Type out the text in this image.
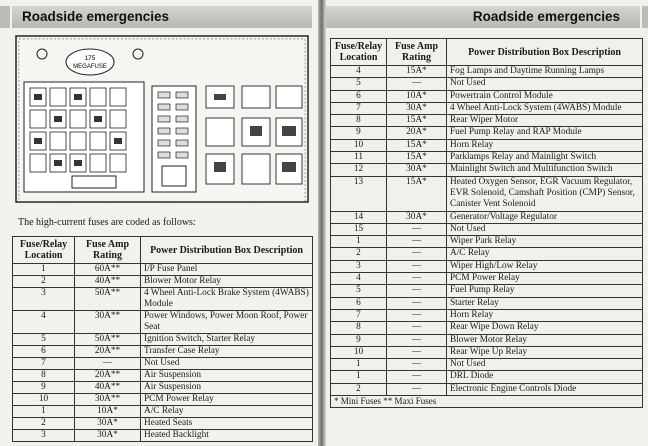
Roadside emergencies
175
MEGAFUSE
The high-current fuses are coded as follows:
Fuse/Relay Location	Fuse Amp Rating	Power Distribution Box Description
1	60A**	I/P Fuse Panel
2	40A**	Blower Motor Relay
3	50A**	4 Wheel Anti-Lock Brake System (4WABS) Module
4	30A**	Power Windows, Power Moon Roof, Power Seat
5	50A**	Ignition Switch, Starter Relay
6	20A**	Transfer Case Relay
7	—	Not Used
8	20A**	Air Suspension
9	40A**	Air Suspension
10	30A**	PCM Power Relay
1	10A*	A/C Relay
2	30A*	Heated Seats
3	30A*	Heated Backlight
Roadside emergencies
Fuse/Relay Location	Fuse Amp Rating	Power Distribution Box Description
4	15A*	Fog Lamps and Daytime Running Lamps
5	—	Not Used
6	10A*	Powertrain Control Module
7	30A*	4 Wheel Anti-Lock System (4WABS) Module
8	15A*	Rear Wiper Motor
9	20A*	Fuel Pump Relay and RAP Module
10	15A*	Horn Relay
11	15A*	Parklamps Relay and Mainlight Switch
12	30A*	Mainlight Switch and Multifunction Switch
13	15A*	Heated Oxygen Sensor, EGR Vacuum Regulator, EVR Solenoid, Camshaft Position (CMP) Sensor, Canister Vent Solenoid
14	30A*	Generator/Voltage Regulator
15	—	Not Used
1	—	Wiper Park Relay
2	—	A/C Relay
3	—	Wiper High/Low Relay
4	—	PCM Power Relay
5	—	Fuel Pump Relay
6	—	Starter Relay
7	—	Horn Relay
8	—	Rear Wipe Down Relay
9	—	Blower Motor Relay
10	—	Rear Wipe Up Relay
1	—	Not Used
1	—	DRL Diode
2	—	Electronic Engine Controls Diode
* Mini Fuses ** Maxi Fuses		
